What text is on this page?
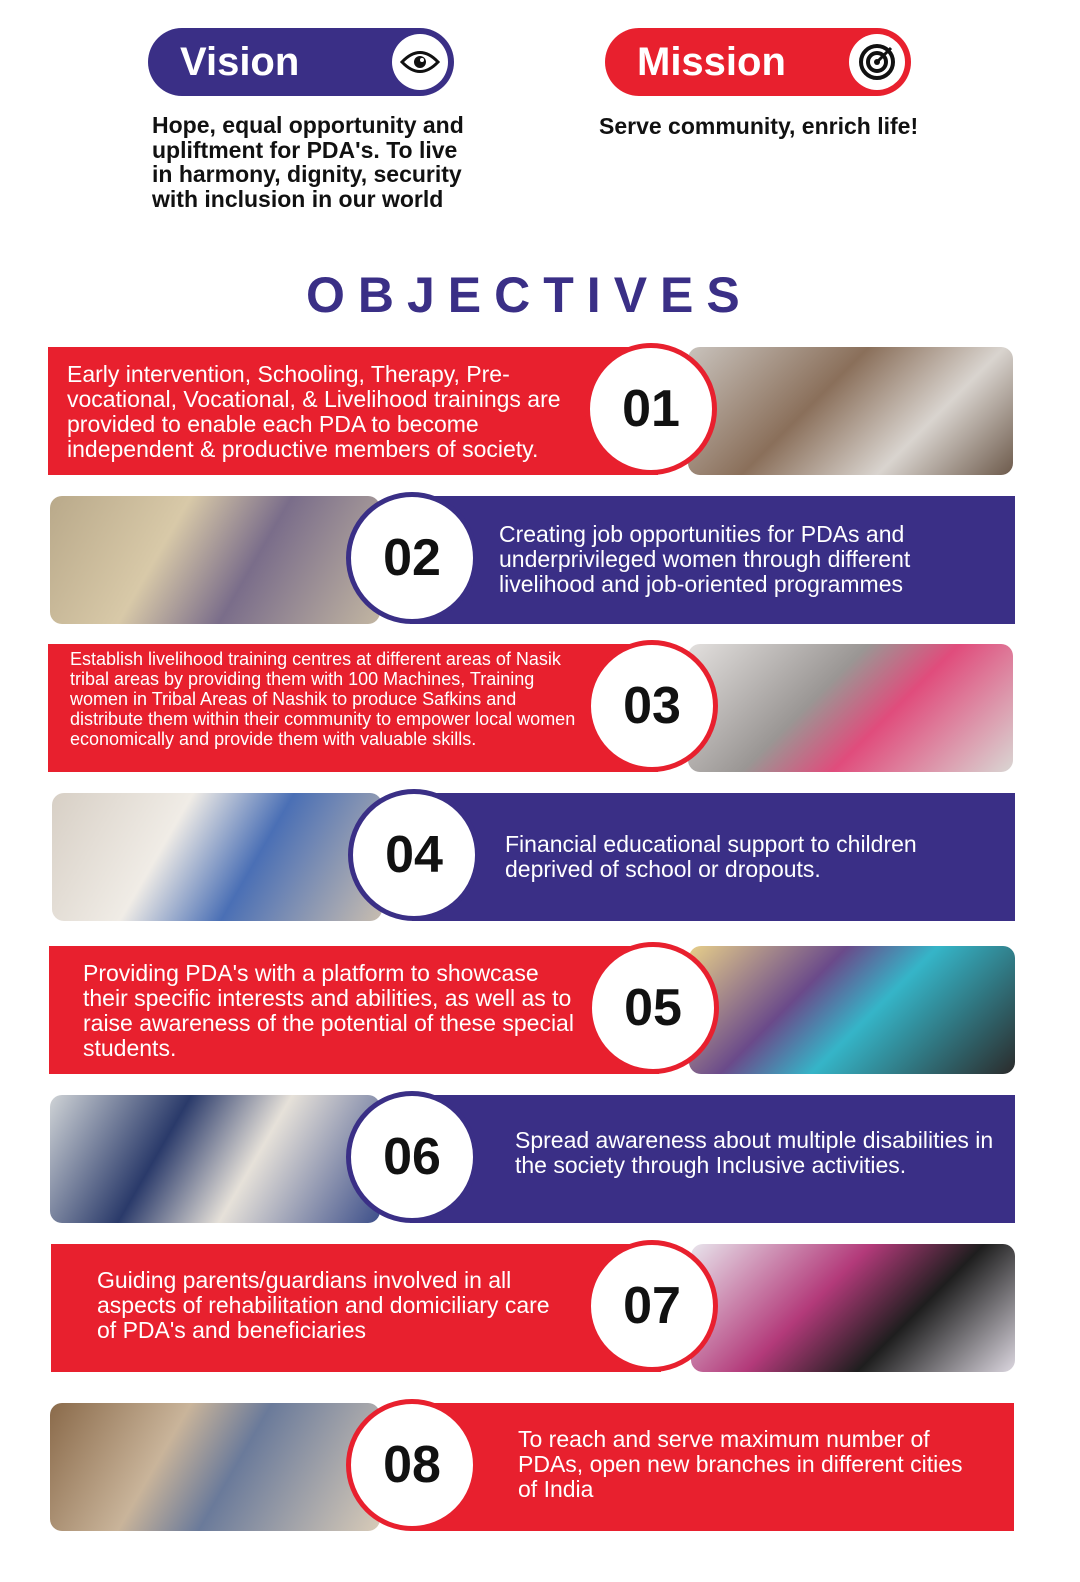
Vision
Hope, equal opportunity and upliftment for PDA's. To live in harmony, dignity, security with inclusion in our world
Mission
Serve community, enrich life!
OBJECTIVES
Early intervention, Schooling, Therapy, Pre-vocational, Vocational, & Livelihood trainings are provided to enable each PDA to become independent & productive members of society.
01
Creating job opportunities for PDAs and underprivileged women through different livelihood and job-oriented programmes
02
Establish livelihood training centres at different areas of Nasik tribal areas by providing them with 100 Machines, Training women in Tribal Areas of Nashik to produce Safkins and distribute them within their community to empower local women economically and provide them with valuable skills.
03
Financial educational support to children deprived of school or dropouts.
04
Providing PDA's with a platform to showcase their specific interests and abilities, as well as to raise awareness of the potential of these special students.
05
Spread awareness about multiple disabilities in the society through Inclusive activities.
06
Guiding parents/guardians involved in all aspects of rehabilitation and domiciliary care of PDA's and beneficiaries	07
To reach and serve maximum number of PDAs, open new branches in different cities of India
08
